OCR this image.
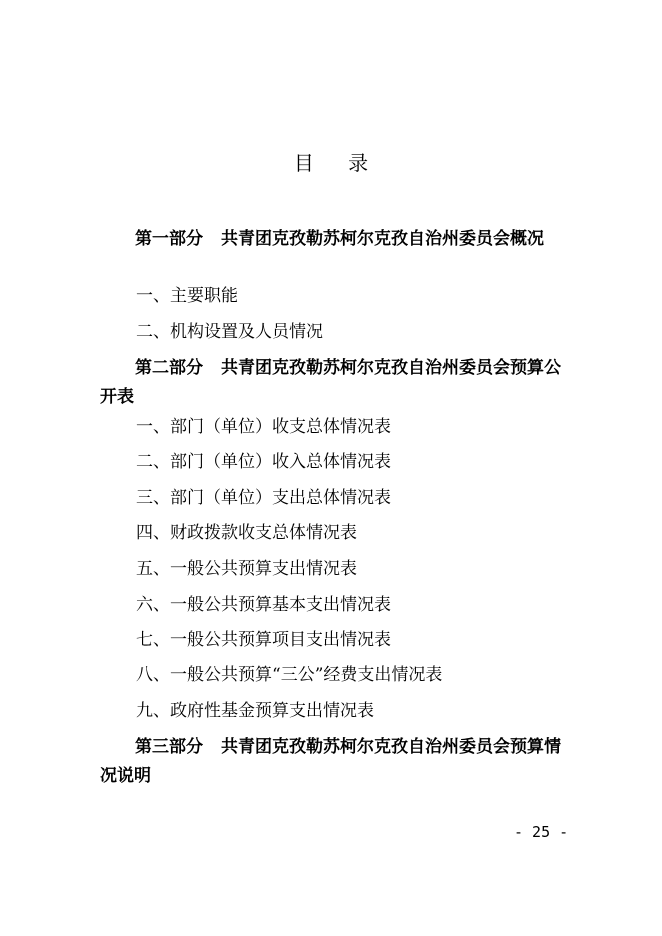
目 录
第一部分 共青团克孜勒苏柯尔克孜自治州委员会概况
一、主要职能
二、机构设置及人员情况
第二部分 共青团克孜勒苏柯尔克孜自治州委员会预算公开表
一、部门（单位）收支总体情况表
二、部门（单位）收入总体情况表
三、部门（单位）支出总体情况表
四、财政拨款收支总体情况表
五、一般公共预算支出情况表
六、一般公共预算基本支出情况表
七、一般公共预算项目支出情况表
八、一般公共预算“三公”经费支出情况表
九、政府性基金预算支出情况表
第三部分 共青团克孜勒苏柯尔克孜自治州委员会预算情况说明
- 25 -
